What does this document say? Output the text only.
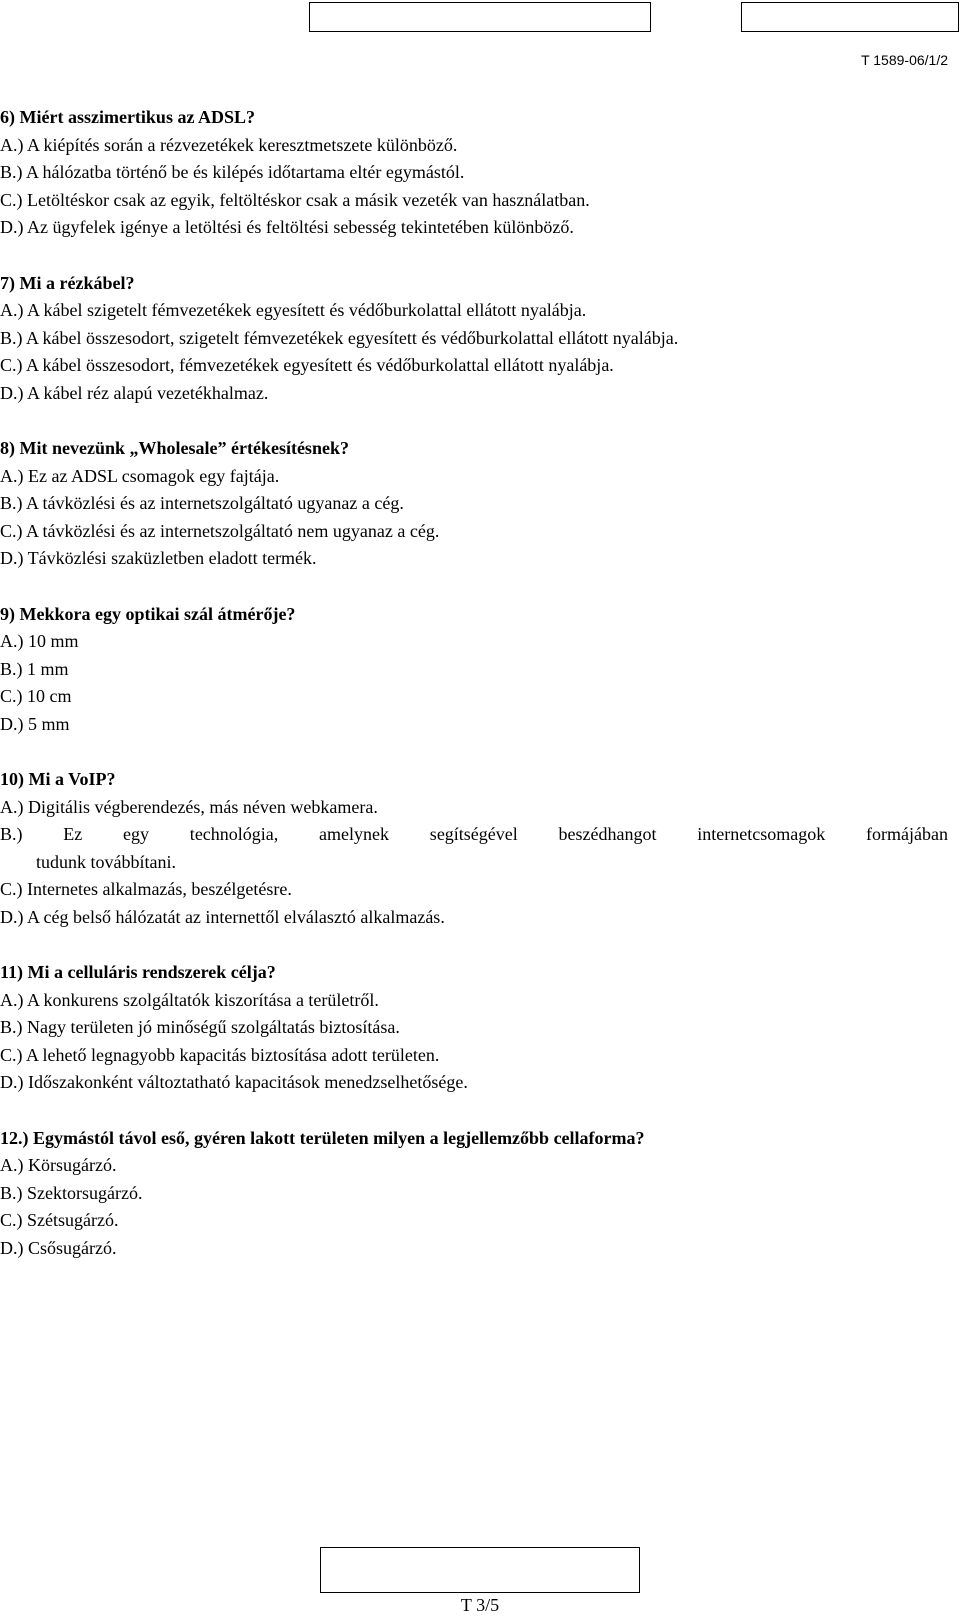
T 1589-06/1/2
6) Miért asszimertikus az ADSL?
A.) A kiépítés során a rézvezetékek keresztmetszete különböző.
B.) A hálózatba történő be és kilépés időtartama eltér egymástól.
C.) Letöltéskor csak az egyik, feltöltéskor csak a másik vezeték van használatban.
D.) Az ügyfelek igénye a letöltési és feltöltési sebesség tekintetében különböző.
7) Mi a rézkábel?
A.) A kábel szigetelt fémvezetékek egyesített és védőburkolattal ellátott nyalábja.
B.) A kábel összesodort, szigetelt fémvezetékek egyesített és védőburkolattal ellátott nyalábja.
C.) A kábel összesodort, fémvezetékek egyesített és védőburkolattal ellátott nyalábja.
D.) A kábel réz alapú vezetékhalmaz.
8) Mit nevezünk „Wholesale” értékesítésnek?
A.) Ez az ADSL csomagok egy fajtája.
B.) A távközlési és az internetszolgáltató ugyanaz a cég.
C.) A távközlési és az internetszolgáltató nem ugyanaz a cég.
D.) Távközlési szaküzletben eladott termék.
9) Mekkora egy optikai szál átmérője?
A.) 10 mm
B.) 1 mm
C.) 10 cm
D.) 5 mm
10) Mi a VoIP?
A.) Digitális végberendezés, más néven webkamera.
B.) Ez egy technológia, amelynek segítségével beszédhangot internetcsomagok formájában
tudunk továbbítani.
C.) Internetes alkalmazás, beszélgetésre.
D.) A cég belső hálózatát az internettől elválasztó alkalmazás.
11) Mi a celluláris rendszerek célja?
A.) A konkurens szolgáltatók kiszorítása a területről.
B.) Nagy területen jó minőségű szolgáltatás biztosítása.
C.) A lehető legnagyobb kapacitás biztosítása adott területen.
D.) Időszakonként változtatható kapacitások menedzselhetősége.
12.) Egymástól távol eső, gyéren lakott területen milyen a legjellemzőbb cellaforma?
A.) Körsugárzó.
B.) Szektorsugárzó.
C.) Szétsugárzó.
D.) Csősugárzó.
T 3/5
